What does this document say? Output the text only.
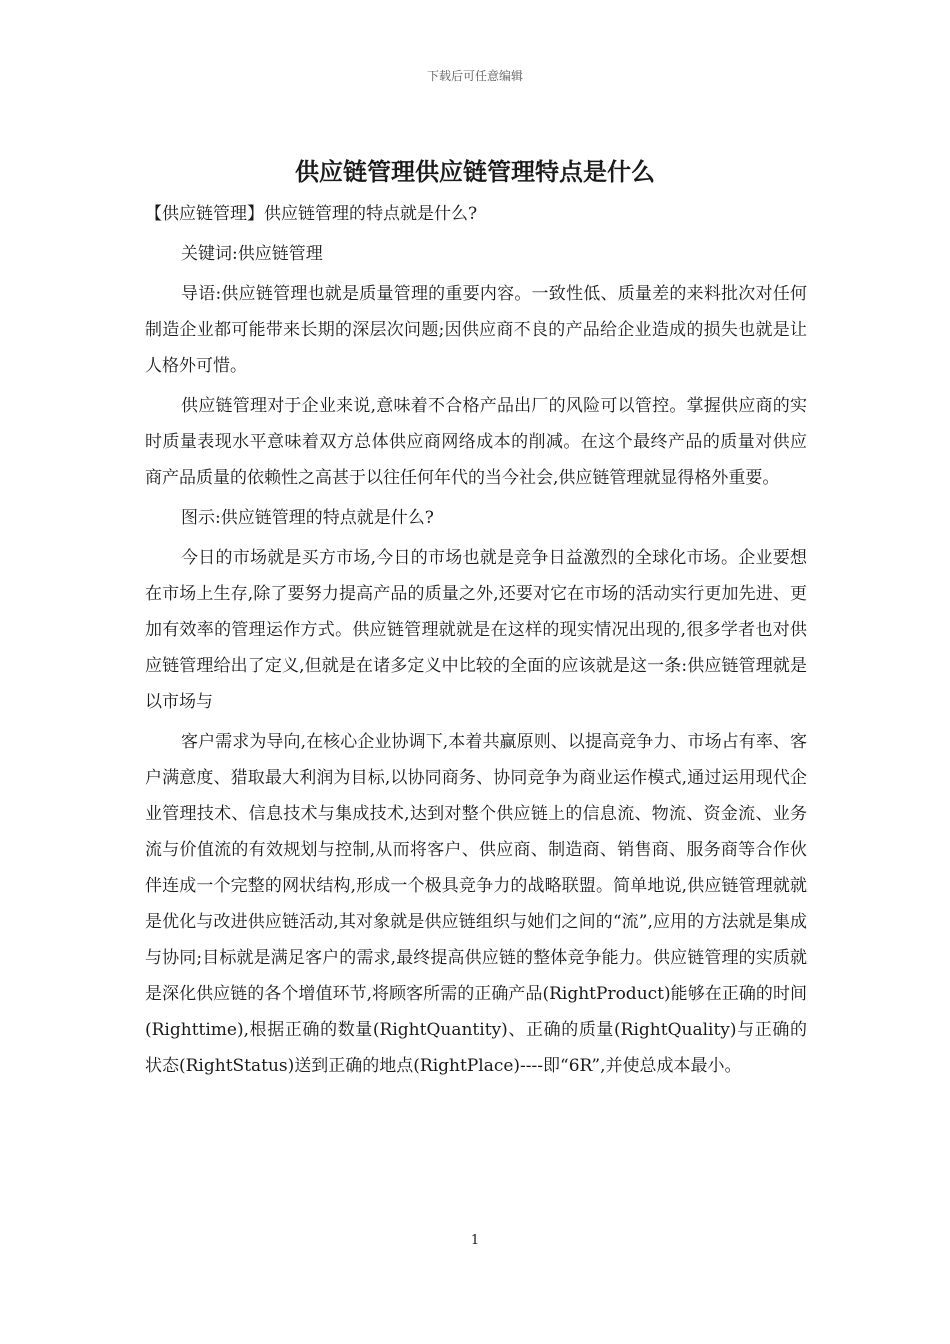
下载后可任意编辑
供应链管理供应链管理特点是什么

【供应链管理】供应链管理的特点就是什么?

关键词:供应链管理

导语:供应链管理也就是质量管理的重要内容。一致性低、质量差的来料批次对任何制造企业都可能带来长期的深层次问题;因供应商不良的产品给企业造成的损失也就是让人格外可惜。

供应链管理对于企业来说,意味着不合格产品出厂的风险可以管控。掌握供应商的实时质量表现水平意味着双方总体供应商网络成本的削减。在这个最终产品的质量对供应商产品质量的依赖性之高甚于以往任何年代的当今社会,供应链管理就显得格外重要。

图示:供应链管理的特点就是什么?

今日的市场就是买方市场,今日的市场也就是竞争日益激烈的全球化市场。企业要想在市场上生存,除了要努力提高产品的质量之外,还要对它在市场的活动实行更加先进、更加有效率的管理运作方式。供应链管理就就是在这样的现实情况出现的,很多学者也对供应链管理给出了定义,但就是在诸多定义中比较的全面的应该就是这一条:供应链管理就是以市场与

客户需求为导向,在核心企业协调下,本着共赢原则、以提高竞争力、市场占有率、客户满意度、猎取最大利润为目标,以协同商务、协同竞争为商业运作模式,通过运用现代企业管理技术、信息技术与集成技术,达到对整个供应链上的信息流、物流、资金流、业务流与价值流的有效规划与控制,从而将客户、供应商、制造商、销售商、服务商等合作伙伴连成一个完整的网状结构,形成一个极具竞争力的战略联盟。简单地说,供应链管理就就是优化与改进供应链活动,其对象就是供应链组织与她们之间的“流”,应用的方法就是集成与协同;目标就是满足客户的需求,最终提高供应链的整体竞争能力。供应链管理的实质就是深化供应链的各个增值环节,将顾客所需的正确产品(RightProduct)能够在正确的时间(Righttime),根据正确的数量(RightQuantity)、正确的质量(RightQuality)与正确的状态(RightStatus)送到正确的地点(RightPlace)----即“6R”,并使总成本最小。

1
